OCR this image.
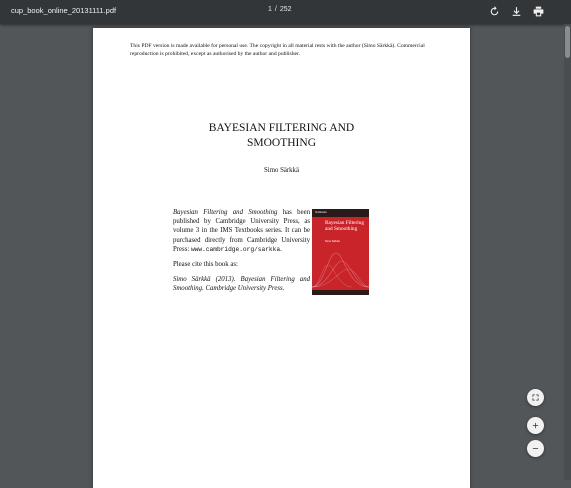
cup_book_online_20131111.pdf	1 / 252
This PDF version is made available for personal use. The copyright in all material rests with the author (Simo Särkkä). Commercial reproduction is prohibited, except as authorised by the author and publisher.
BAYESIAN FILTERING AND
SMOOTHING
Simo Särkkä

Bayesian Filtering and Smoothing has been published by Cambridge University Press, as volume 3 in the IMS Textbooks series. It can be purchased directly from Cambridge University Press: www.cambridge.org/sarkka.

Please cite this book as:

Simo Särkkä (2013). Bayesian Filtering and Smoothing. Cambridge University Press.

Textbooks
Bayesian Filtering and Smoothing
Simo Särkkä
